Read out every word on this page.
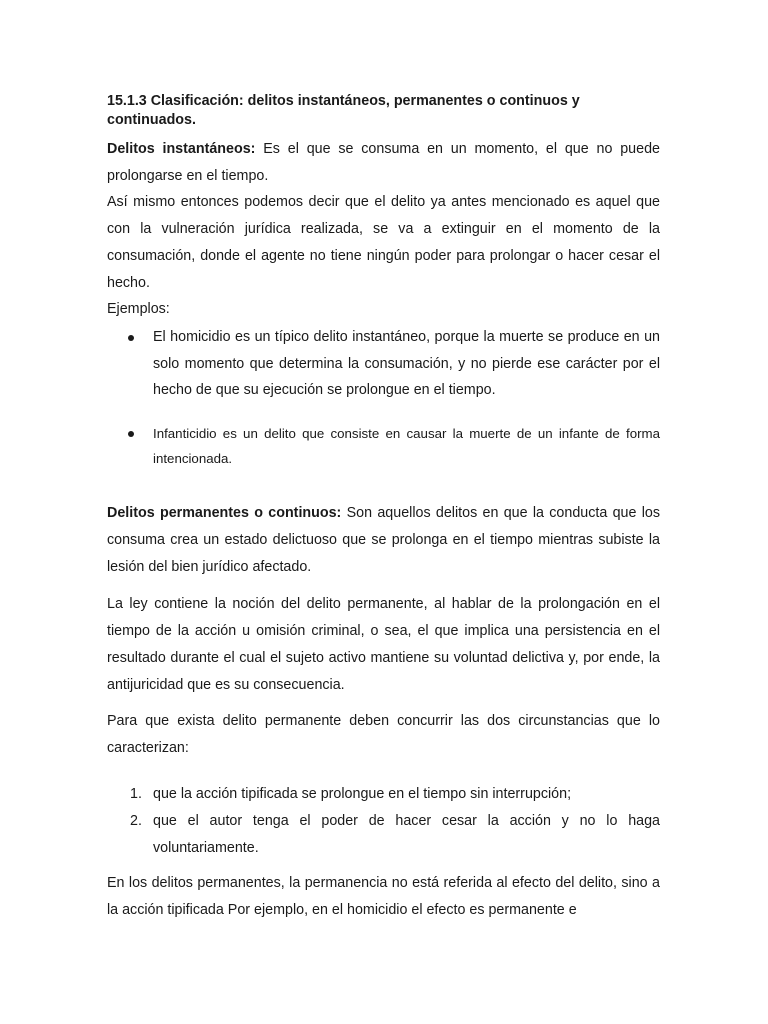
15.1.3 Clasificación: delitos instantáneos, permanentes o continuos y continuados.

Delitos instantáneos: Es el que se consuma en un momento, el que no puede prolongarse en el tiempo.

Así mismo entonces podemos decir que el delito ya antes mencionado es aquel que con la vulneración jurídica realizada, se va a extinguir en el momento de la consumación, donde el agente no tiene ningún poder para prolongar o hacer cesar el hecho.

Ejemplos:

El homicidio es un típico delito instantáneo, porque la muerte se produce en un solo momento que determina la consumación, y no pierde ese carácter por el hecho de que su ejecución se prolongue en el tiempo.
Infanticidio es un delito que consiste en causar la muerte de un infante de forma intencionada.

Delitos permanentes o continuos: Son aquellos delitos en que la conducta que los consuma crea un estado delictuoso que se prolonga en el tiempo mientras subiste la lesión del bien jurídico afectado.

La ley contiene la noción del delito permanente, al hablar de la prolongación en el tiempo de la acción u omisión criminal, o sea, el que implica una persistencia en el resultado durante el cual el sujeto activo mantiene su voluntad delictiva y, por ende, la antijuricidad que es su consecuencia.

Para que exista delito permanente deben concurrir las dos circunstancias que lo caracterizan:

1. que la acción tipificada se prolongue en el tiempo sin interrupción;
2. que el autor tenga el poder de hacer cesar la acción y no lo haga voluntariamente.

En los delitos permanentes, la permanencia no está referida al efecto del delito, sino a la acción tipificada Por ejemplo, en el homicidio el efecto es permanente e
